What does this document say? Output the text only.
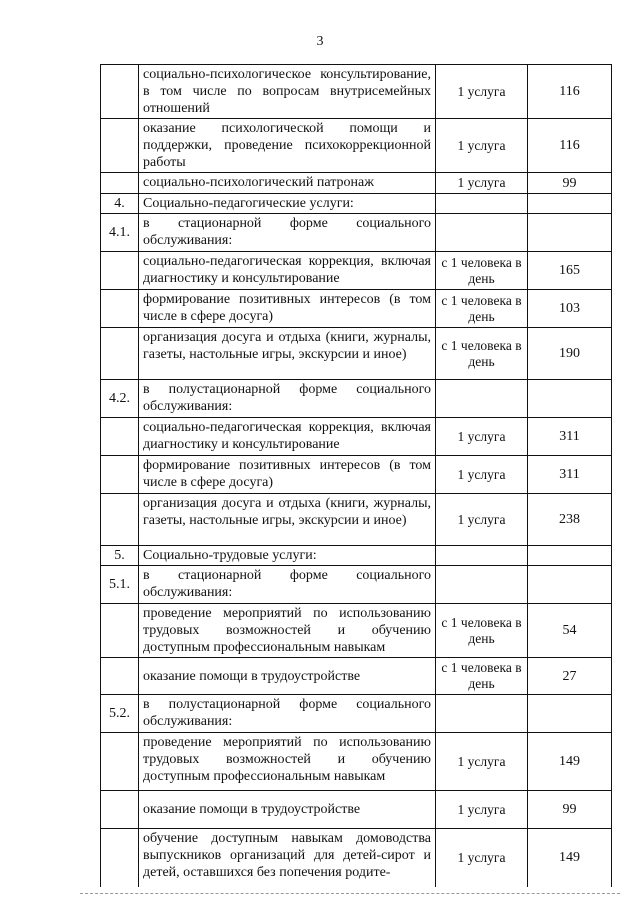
3
	социально-психологическое консультирование, в том числе по вопросам внутрисемейных отношений	1 услуга	116
	оказание психологической помощи и поддержки, проведение психокоррекционной работы	1 услуга	116
	социально-психологический патронаж	1 услуга	99
4.	Социально-педагогические услуги:		
4.1.	в стационарной форме социального обслуживания:		
	социально-педагогическая коррекция, включая диагностику и консультирование	с 1 человека в день	165
	формирование позитивных интересов (в том числе в сфере досуга)	с 1 человека в день	103
	организация досуга и отдыха (книги, журналы, газеты, настольные игры, экскурсии и иное)	с 1 человека в день	190
4.2.	в полустационарной форме социального обслуживания:		
	социально-педагогическая коррекция, включая диагностику и консультирование	1 услуга	311
	формирование позитивных интересов (в том числе в сфере досуга)	1 услуга	311
	организация досуга и отдыха (книги, журналы, газеты, настольные игры, экскурсии и иное)	1 услуга	238
5.	Социально-трудовые услуги:		
5.1.	в стационарной форме социального обслуживания:		
	проведение мероприятий по использованию трудовых возможностей и обучению доступным профессиональным навыкам	с 1 человека в день	54
	оказание помощи в трудоустройстве	с 1 человека в день	27
5.2.	в полустационарной форме социального обслуживания:		
	проведение мероприятий по использованию трудовых возможностей и обучению доступным профессиональным навыкам	1 услуга	149
	оказание помощи в трудоустройстве	1 услуга	99
	обучение доступным навыкам домоводства выпускников организаций для детей-сирот и детей, оставшихся без попечения родите-	1 услуга	149
